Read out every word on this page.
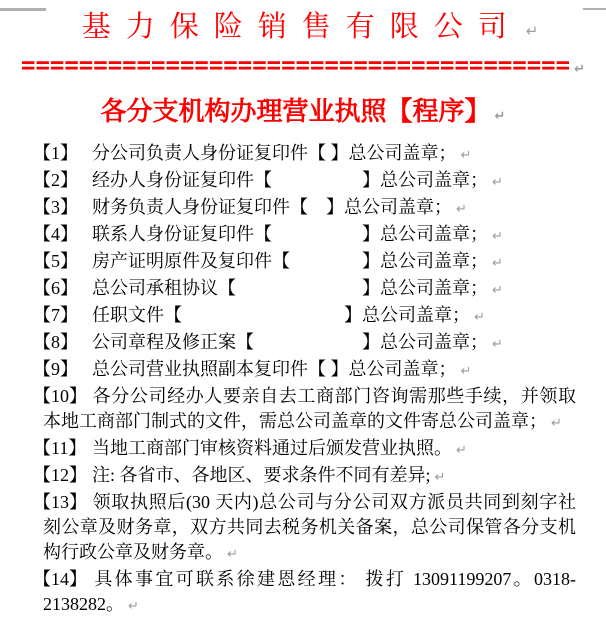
基力保险销售有限公司 ↵
====================================== ↵
各分支机构办理营业执照【程序】 ↵
【1】 分公司负责人身份证复印件【 】总公司盖章； ↵
【2】 经办人身份证复印件【　　　　　】总公司盖章； ↵
【3】 财务负责人身份证复印件【　】总公司盖章； ↵
【4】 联系人身份证复印件【　　　　　】总公司盖章； ↵
【5】 房产证明原件及复印件【　　　　】总公司盖章； ↵
【6】 总公司承租协议【　　　　　　　】总公司盖章； ↵
【7】 任职文件【　　　　　　　　　】总公司盖章； ↵
【8】 公司章程及修正案【　　　　　　】总公司盖章； ↵
【9】 总公司营业执照副本复印件【 】总公司盖章； ↵
【10】 各分公司经办人要亲自去工商部门咨询需那些手续，并领取本地工商部门制式的文件，需总公司盖章的文件寄总公司盖章； ↵
【11】 当地工商部门审核资料通过后颁发营业执照。 ↵
【12】 注: 各省市、各地区、要求条件不同有差异; ↵
【13】 领取执照后(30 天内)总公司与分公司双方派员共同到刻字社刻公章及财务章，双方共同去税务机关备案，总公司保管各分支机构行政公章及财务章。 ↵
【14】 具体事宜可联系徐建恩经理： 拨打 13091199207。0318-2138282。 ↵
